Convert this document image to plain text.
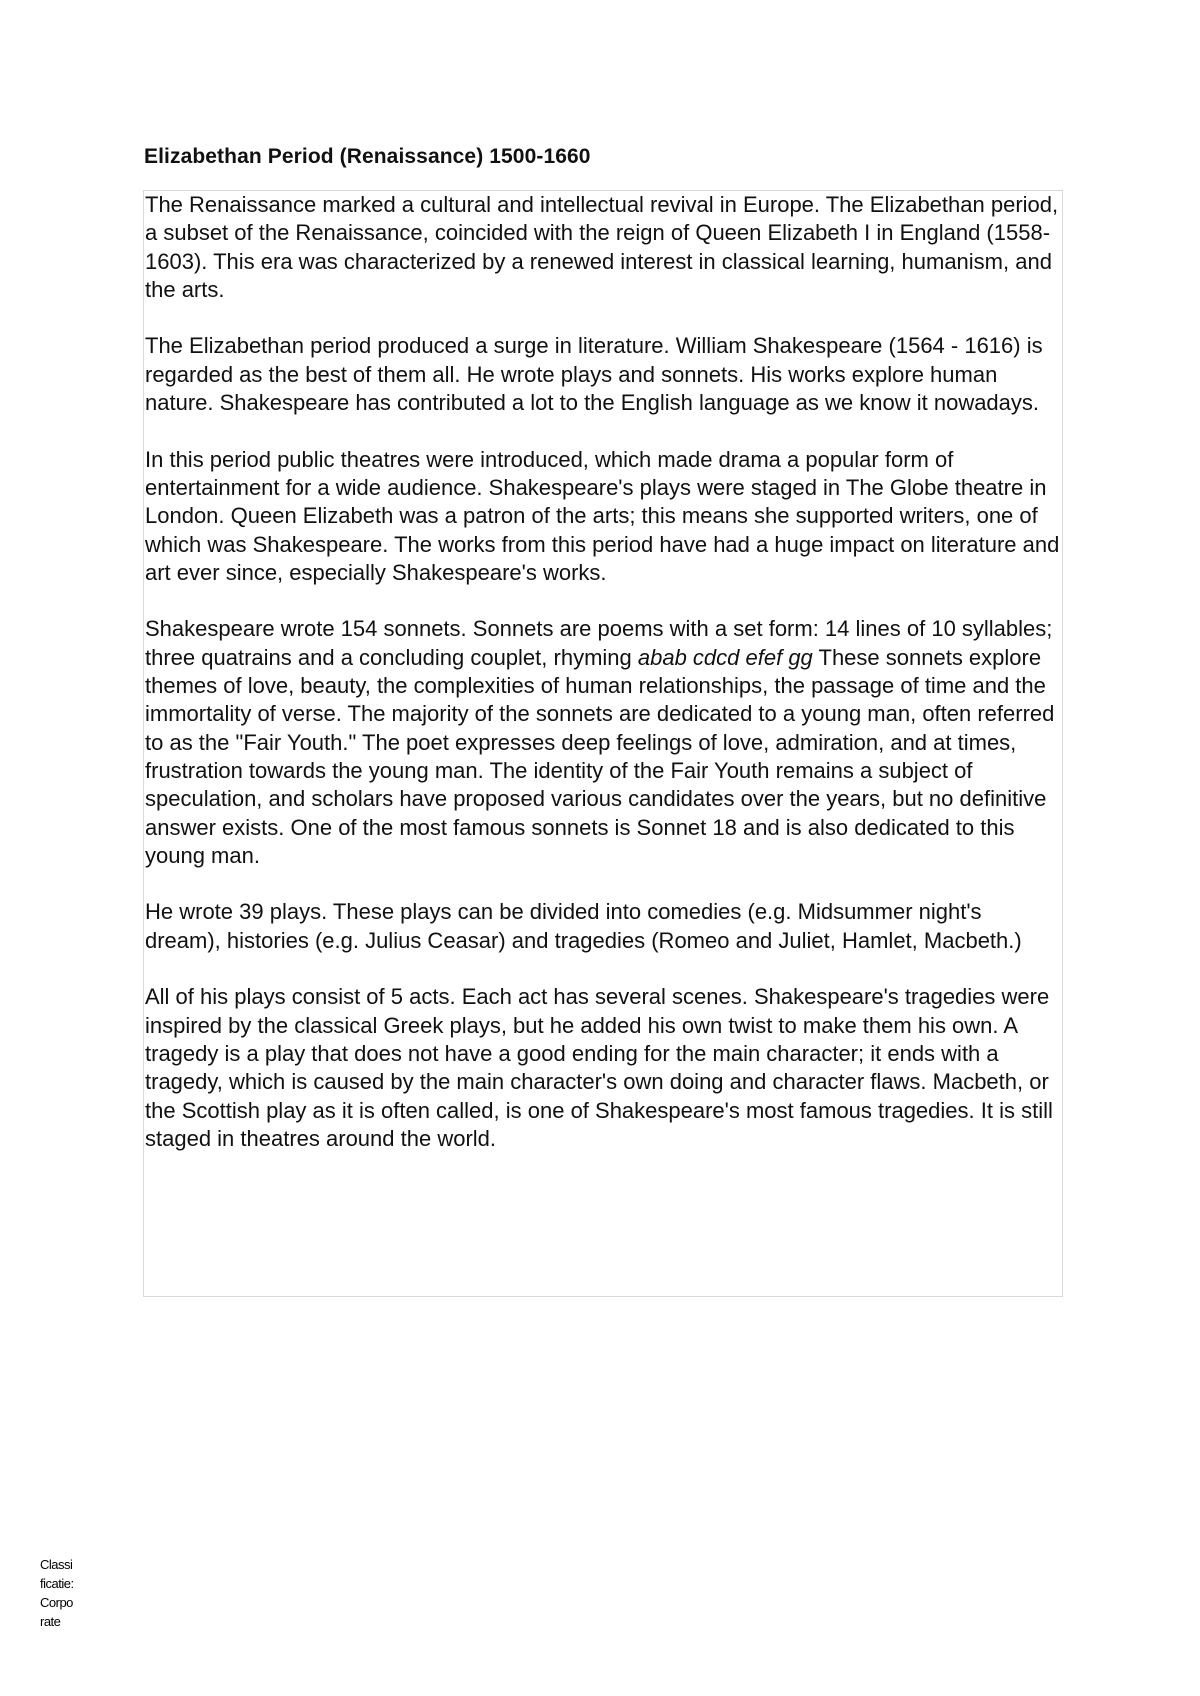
Elizabethan Period (Renaissance) 1500-1660

The Renaissance marked a cultural and intellectual revival in Europe. The Elizabethan period, a subset of the Renaissance, coincided with the reign of Queen Elizabeth I in England (1558-1603). This era was characterized by a renewed interest in classical learning, humanism, and the arts.

The Elizabethan period produced a surge in literature. William Shakespeare (1564 - 1616) is regarded as the best of them all. He wrote plays and sonnets. His works explore human nature. Shakespeare has contributed a lot to the English language as we know it nowadays.

In this period public theatres were introduced, which made drama a popular form of entertainment for a wide audience. Shakespeare's plays were staged in The Globe theatre in London. Queen Elizabeth was a patron of the arts; this means she supported writers, one of which was Shakespeare. The works from this period have had a huge impact on literature and art ever since, especially Shakespeare's works.

Shakespeare wrote 154 sonnets. Sonnets are poems with a set form: 14 lines of 10 syllables; three quatrains and a concluding couplet, rhyming abab cdcd efef gg These sonnets explore themes of love, beauty, the complexities of human relationships, the passage of time and the immortality of verse. The majority of the sonnets are dedicated to a young man, often referred to as the "Fair Youth." The poet expresses deep feelings of love, admiration, and at times, frustration towards the young man. The identity of the Fair Youth remains a subject of speculation, and scholars have proposed various candidates over the years, but no definitive answer exists. One of the most famous sonnets is Sonnet 18 and is also dedicated to this young man.

He wrote 39 plays. These plays can be divided into comedies (e.g. Midsummer night's dream), histories (e.g. Julius Ceasar) and tragedies (Romeo and Juliet, Hamlet, Macbeth.)

All of his plays consist of 5 acts. Each act has several scenes. Shakespeare's tragedies were inspired by the classical Greek plays, but he added his own twist to make them his own. A tragedy is a play that does not have a good ending for the main character; it ends with a tragedy, which is caused by the main character's own doing and character flaws. Macbeth, or the Scottish play as it is often called, is one of Shakespeare's most famous tragedies. It is still staged in theatres around the world.

Classificatie: Corporate
